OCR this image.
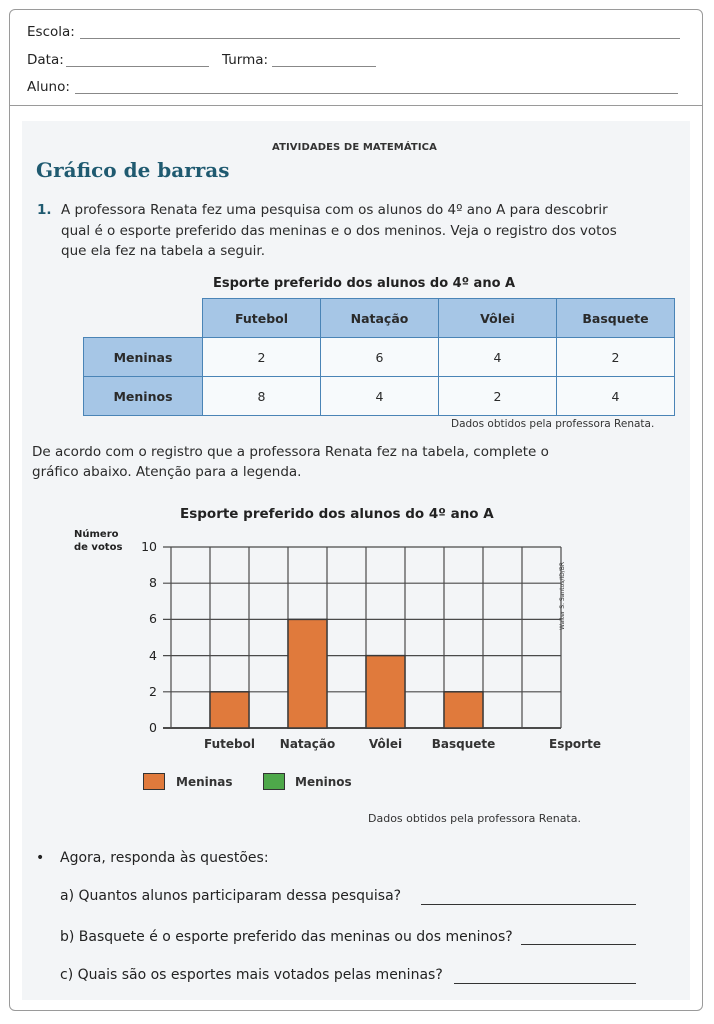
Escola:
Data:	Turma:
Aluno:
ATIVIDADES DE MATEMÁTICA
Gráfico de barras
1. A professora Renata fez uma pesquisa com os alunos do 4º ano A para descobrir
qual é o esporte preferido das meninas e o dos meninos. Veja o registro dos votos
que ela fez na tabela a seguir.
Esporte preferido dos alunos do 4º ano A
	Futebol	Natação	Vôlei	Basquete
Meninas	2	6	4	2
Meninos	8	4	2	4
Dados obtidos pela professora Renata.
De acordo com o registro que a professora Renata fez na tabela, complete o
gráfico abaixo. Atenção para a legenda.
Esporte preferido dos alunos do 4º ano A
Número
de votos
Walter S. Santos/ID/BR
0
2
4
6
8
10
Futebol	Natação	Vôlei	Basquete	Esporte
Meninas	Meninos
Dados obtidos pela professora Renata.
• Agora, responda às questões:
a) Quantos alunos participaram dessa pesquisa?
b) Basquete é o esporte preferido das meninas ou dos meninos?
c) Quais são os esportes mais votados pelas meninas?
